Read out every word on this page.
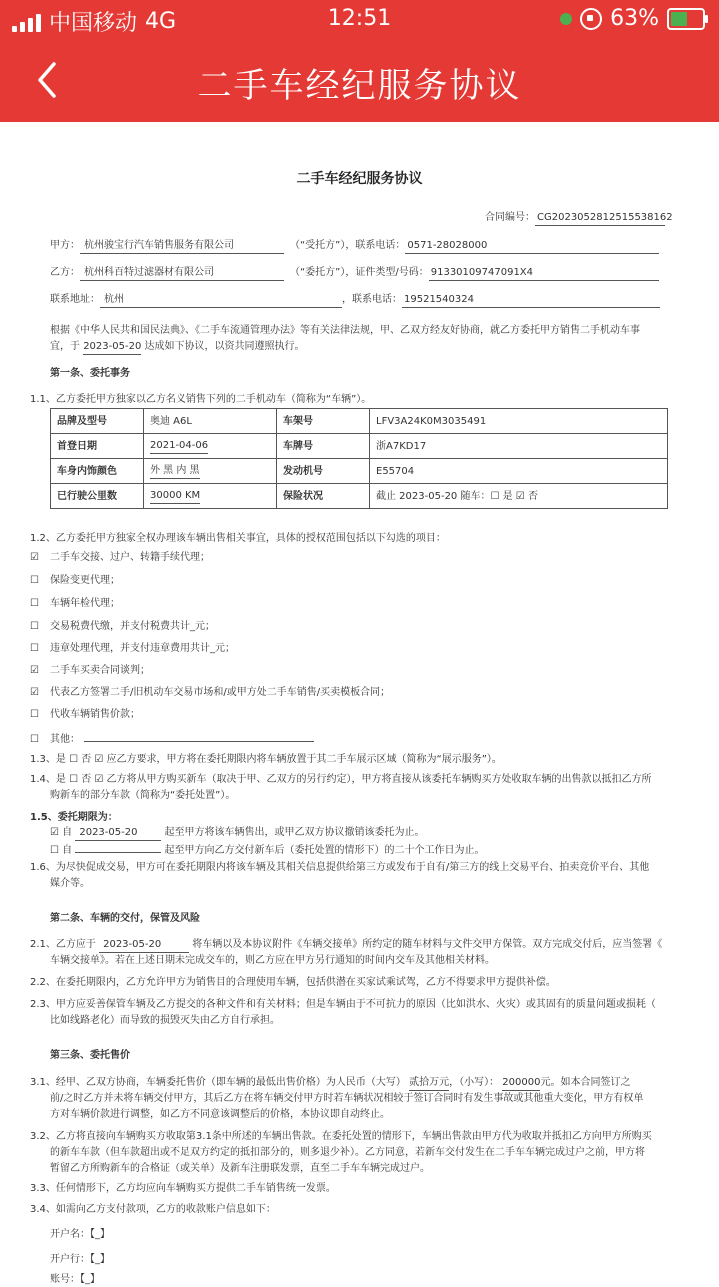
中国移动 4G	12:51	63%
二手车经纪服务协议
二手车经纪服务协议
合同编号： CG2023052812515538162
甲方： 杭州骏宝行汽车销售服务有限公司	（“受托方”），联系电话： 0571-28028000
乙方： 杭州科百特过滤器材有限公司	（“委托方”），证件类型/号码： 91330109747091X4
联系地址： 杭州	，联系电话： 19521540324
根据《中华人民共和国民法典》、《二手车流通管理办法》等有关法律法规，甲、乙双方经友好协商，就乙方委托甲方销售二手机动车事
宜，于 2023-05-20 达成如下协议，以资共同遵照执行。
第一条、委托事务
1.1、乙方委托甲方独家以乙方名义销售下列的二手机动车（简称为“车辆”）。
品牌及型号	奥迪 A6L	车架号	LFV3A24K0M3035491
首登日期	2021-04-06	车牌号	浙A7KD17
车身内饰颜色	外 黑 内 黑	发动机号	E55704
已行驶公里数	30000 KM	保险状况	截止 2023-05-20 随车：☐ 是 ☑ 否
1.2、乙方委托甲方独家全权办理该车辆出售相关事宜，具体的授权范围包括以下勾选的项目：
☑ 二手车交接、过户、转籍手续代理；
☐ 保险变更代理；
☐ 车辆年检代理；
☐ 交易税费代缴，并支付税费共计_元；
☐ 违章处理代理，并支付违章费用共计_元；
☑ 二手车买卖合同谈判；
☑ 代表乙方签署二手/旧机动车交易市场和/或甲方处二手车销售/买卖模板合同；
☐ 代收车辆销售价款；
☐ 其他：
1.3、是 ☐ 否 ☑ 应乙方要求，甲方将在委托期限内将车辆放置于其二手车展示区域（简称为“展示服务”）。
1.4、是 ☐ 否 ☑ 乙方将从甲方购买新车（取决于甲、乙双方的另行约定），甲方将直接从该委托车辆购买方处收取车辆的出售款以抵扣乙方所
购新车的部分车款（简称为“委托处置”）。
1.5、委托期限为：
☑ 自 2023-05-20	起至甲方将该车辆售出，或甲乙双方协议撤销该委托为止。
☐ 自	起至甲方向乙方交付新车后（委托处置的情形下）的二十个工作日为止。
1.6、为尽快促成交易，甲方可在委托期限内将该车辆及其相关信息提供给第三方或发布于自有/第三方的线上交易平台、拍卖竞价平台、其他
媒介等。
第二条、车辆的交付，保管及风险
2.1、乙方应于 2023-05-20	将车辆以及本协议附件《车辆交接单》所约定的随车材料与文件交甲方保管。双方完成交付后，应当签署《
车辆交接单》。若在上述日期未完成交车的，则乙方应在甲方另行通知的时间内交车及其他相关材料。
2.2、在委托期限内，乙方允许甲方为销售目的合理使用车辆，包括供潜在买家试乘试驾，乙方不得要求甲方提供补偿。
2.3、甲方应妥善保管车辆及乙方提交的各种文件和有关材料；但是车辆由于不可抗力的原因（比如洪水、火灾）或其固有的质量问题或损耗（
比如线路老化）而导致的损毁灭失由乙方自行承担。
第三条、委托售价
3.1、经甲、乙双方协商，车辆委托售价（即车辆的最低出售价格）为人民币（大写） 贰拾万元，（小写）： 200000元。如本合同签订之
前/之时乙方并未将车辆交付甲方，其后乙方在将车辆交付甲方时若车辆状况相较于签订合同时有发生事故或其他重大变化，甲方有权单
方对车辆价款进行调整，如乙方不同意该调整后的价格，本协议即自动终止。
3.2、乙方将直接向车辆购买方收取第3.1条中所述的车辆出售款。在委托处置的情形下，车辆出售款由甲方代为收取并抵扣乙方向甲方所购买
的新车车款（但车款超出或不足双方约定的抵扣部分的，则多退少补）。乙方同意，若新车交付发生在二手车车辆完成过户之前，甲方将
暂留乙方所购新车的合格证（或关单）及新车注册联发票，直至二手车车辆完成过户。
3.3、任何情形下，乙方均应向车辆购买方提供二手车销售统一发票。
3.4、如需向乙方支付款项，乙方的收款账户信息如下：
开户名：【_】
开户行：【_】
账号：【_】
